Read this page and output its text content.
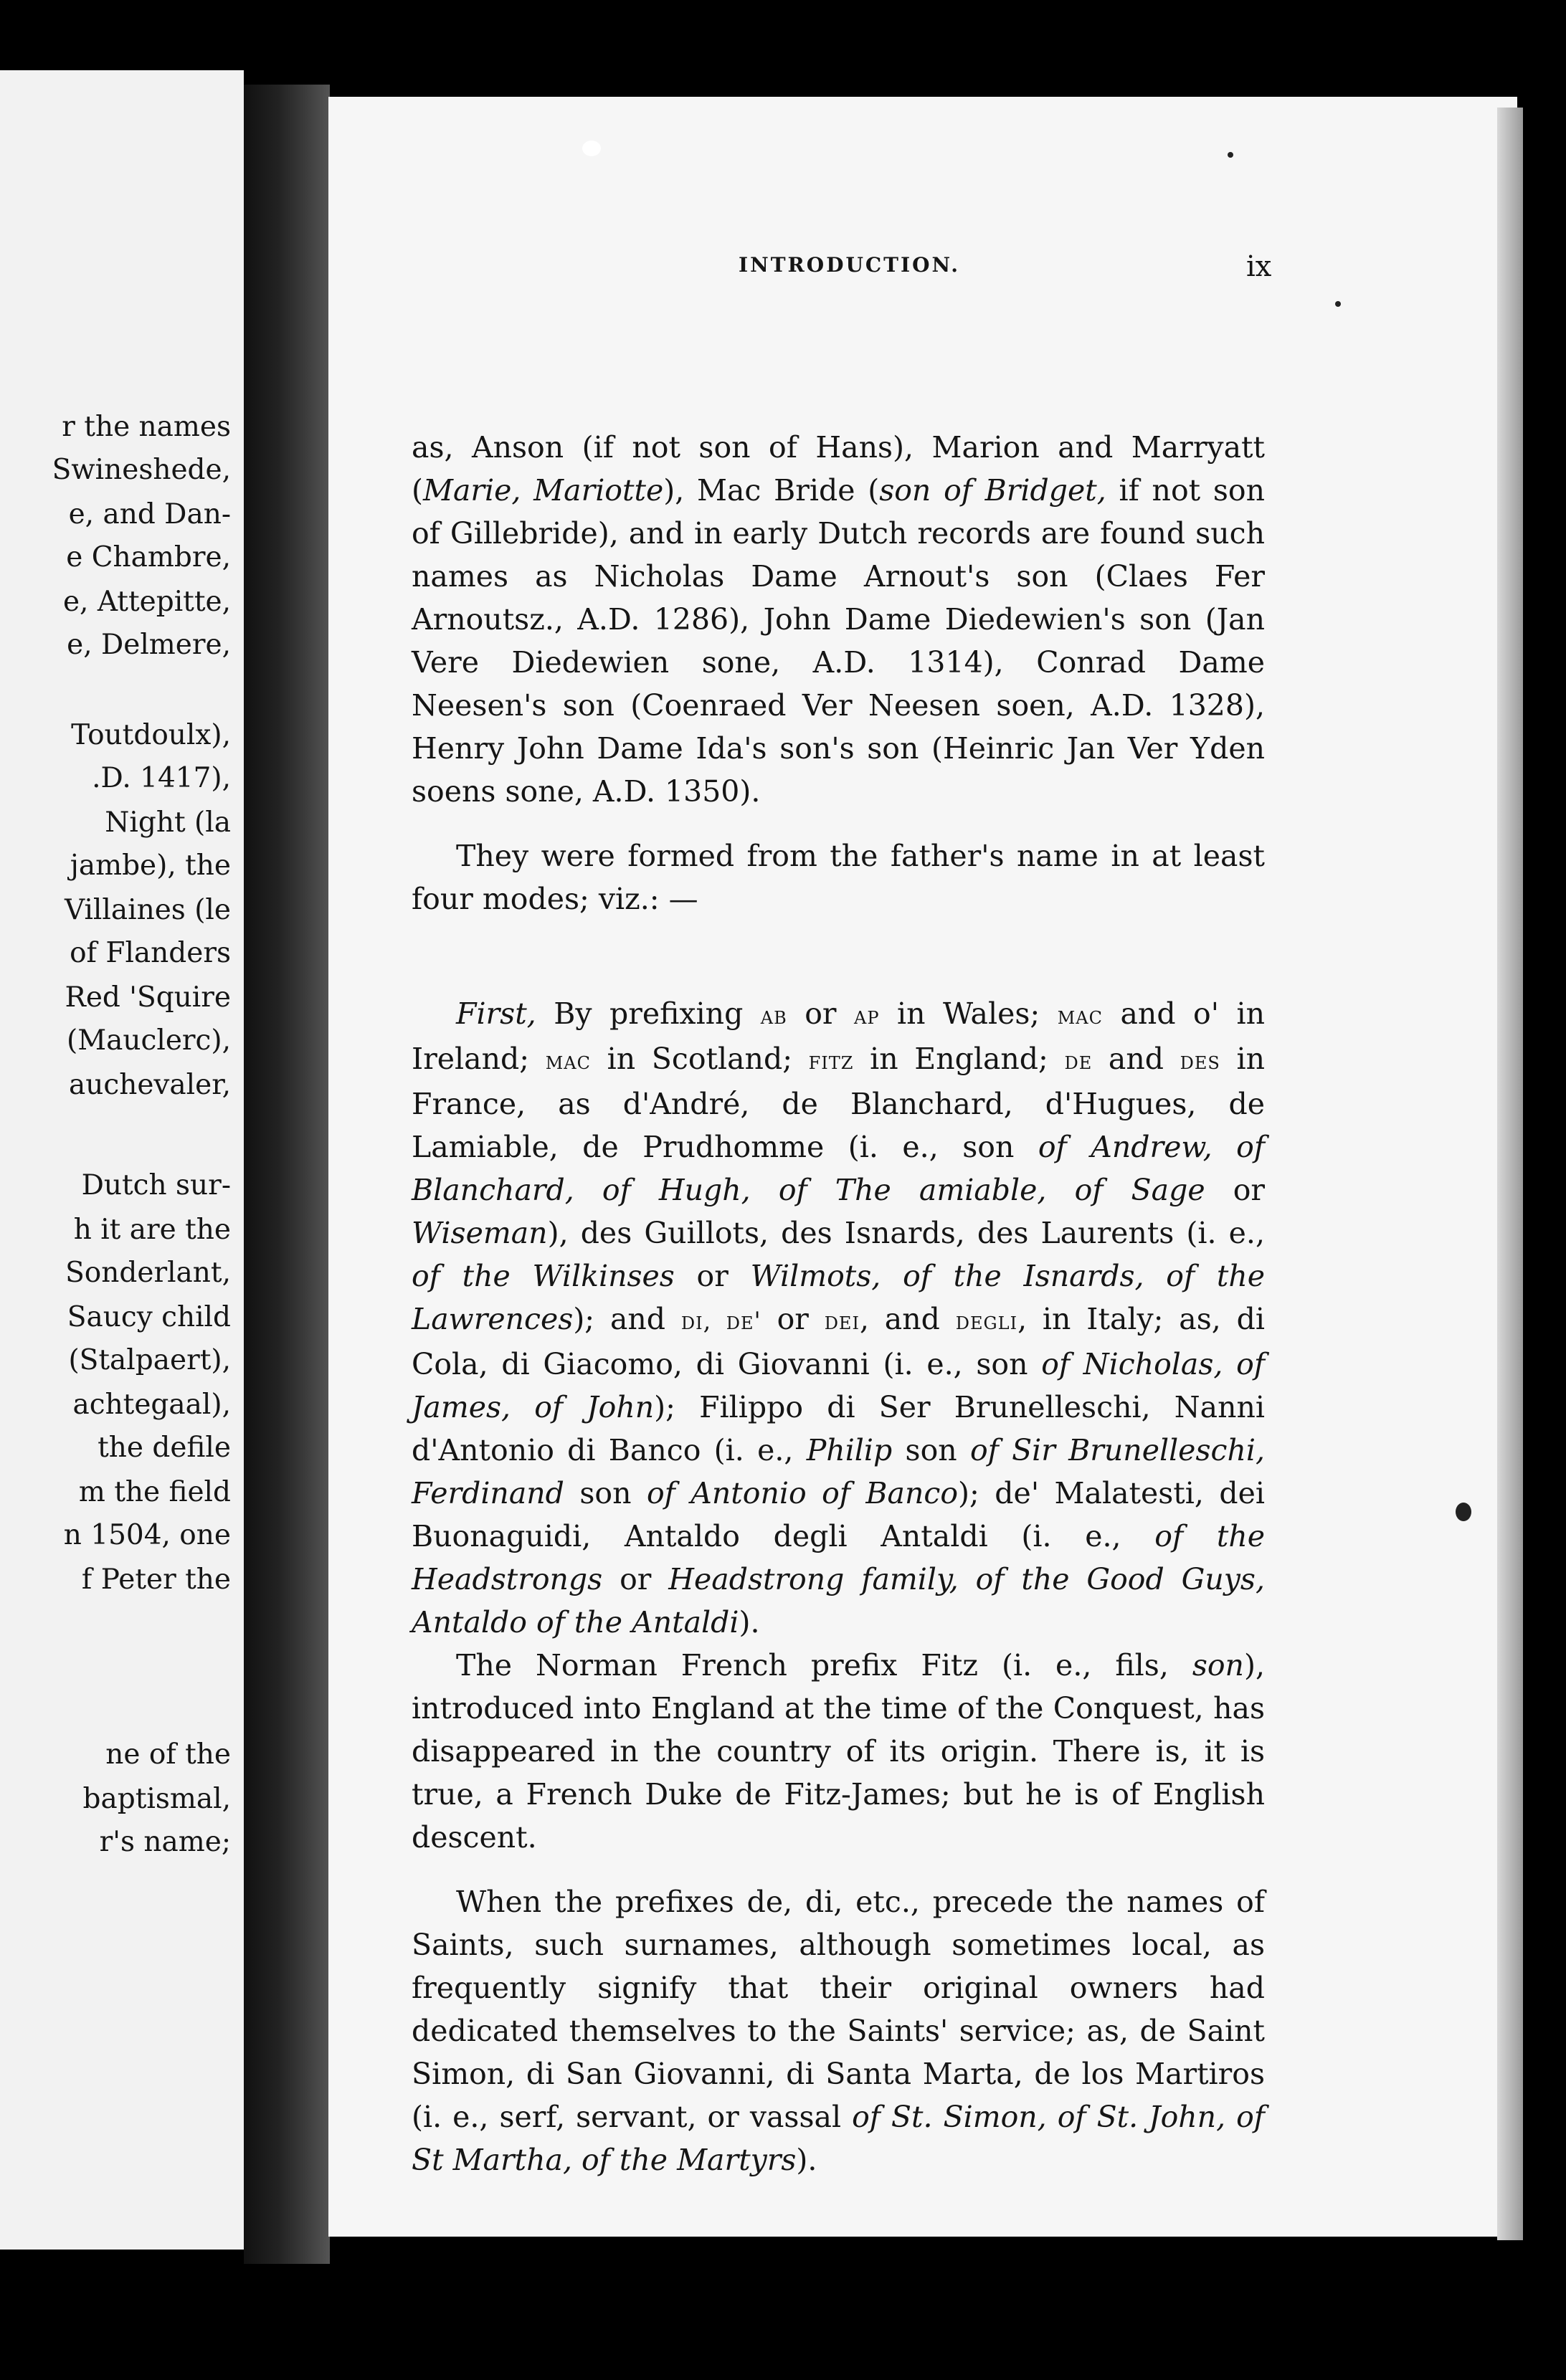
r the names
Swineshede,
e, and Dan-
e Chambre,
e, Attepitte,
e, Delmere,
Toutdoulx),
.D. 1417),
Night (la
jambe), the
Villaines (le
of Flanders
Red 'Squire
(Mauclerc),
auchevaler,
Dutch sur-
h it are the
Sonderlant,
Saucy child
(Stalpaert),
achtegaal),
the defile
m the field
n 1504, one
f Peter the
ne of the
baptismal,
r's name;
INTRODUCTION.	ix

as, Anson (if not son of Hans), Marion and Marryatt (Marie, Mariotte), Mac Bride (son of Bridget, if not son of Gillebride), and in early Dutch records are found such names as Nicholas Dame Arnout's son (Claes Fer Arnoutsz., A.D. 1286), John Dame Diedewien's son (Jan Vere Diedewien sone, A.D. 1314), Conrad Dame Neesen's son (Coenraed Ver Neesen soen, A.D. 1328), Henry John Dame Ida's son's son (Heinric Jan Ver Yden soens sone, A.D. 1350).

They were formed from the father's name in at least four modes; viz.: —

First, By prefixing ab or ap in Wales; mac and o' in Ireland; mac in Scotland; fitz in England; de and des in France, as d'André, de Blanchard, d'Hugues, de Lamiable, de Prudhomme (i. e., son of Andrew, of Blanchard, of Hugh, of The amiable, of Sage or Wiseman), des Guillots, des Isnards, des Laurents (i. e., of the Wilkinses or Wilmots, of the Isnards, of the Lawrences); and di, de' or dei, and degli, in Italy; as, di Cola, di Giacomo, di Giovanni (i. e., son of Nicholas, of James, of John); Filippo di Ser Brunelleschi, Nanni d'Antonio di Banco (i. e., Philip son of Sir Brunelleschi, Ferdinand son of Antonio of Banco); de' Malatesti, dei Buonaguidi, Antaldo degli Antaldi (i. e., of the Headstrongs or Headstrong family, of the Good Guys, Antaldo of the Antaldi).

The Norman French prefix Fitz (i. e., fils, son), introduced into England at the time of the Conquest, has disappeared in the country of its origin. There is, it is true, a French Duke de Fitz-James; but he is of English descent.

When the prefixes de, di, etc., precede the names of Saints, such surnames, although sometimes local, as frequently signify that their original owners had dedicated themselves to the Saints' service; as, de Saint Simon, di San Giovanni, di Santa Marta, de los Martiros (i. e., serf, servant, or vassal of St. Simon, of St. John, of St Martha, of the Martyrs).
